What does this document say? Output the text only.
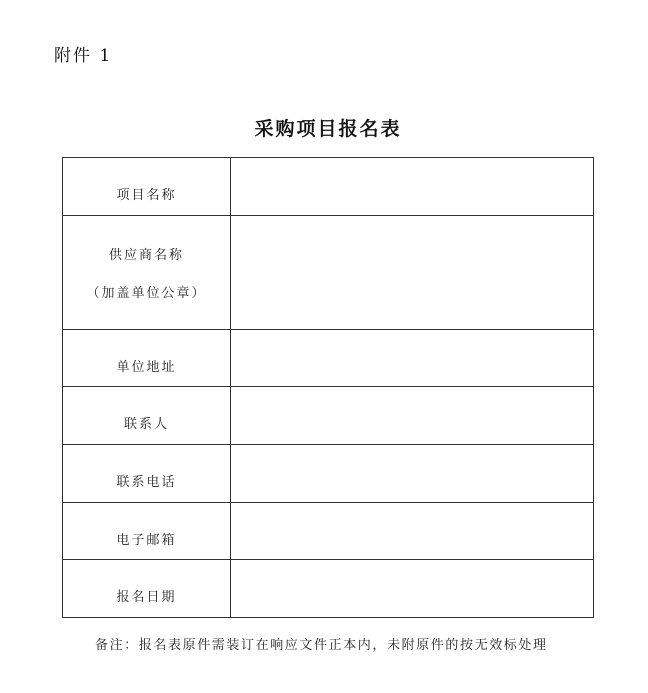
附件 1
采购项目报名表
项目名称	

供应商名称
（加盖单位公章）	

单位地址	
联系人	
联系电话	
电子邮箱	
报名日期	
备注：报名表原件需装订在响应文件正本内，未附原件的按无效标处理
